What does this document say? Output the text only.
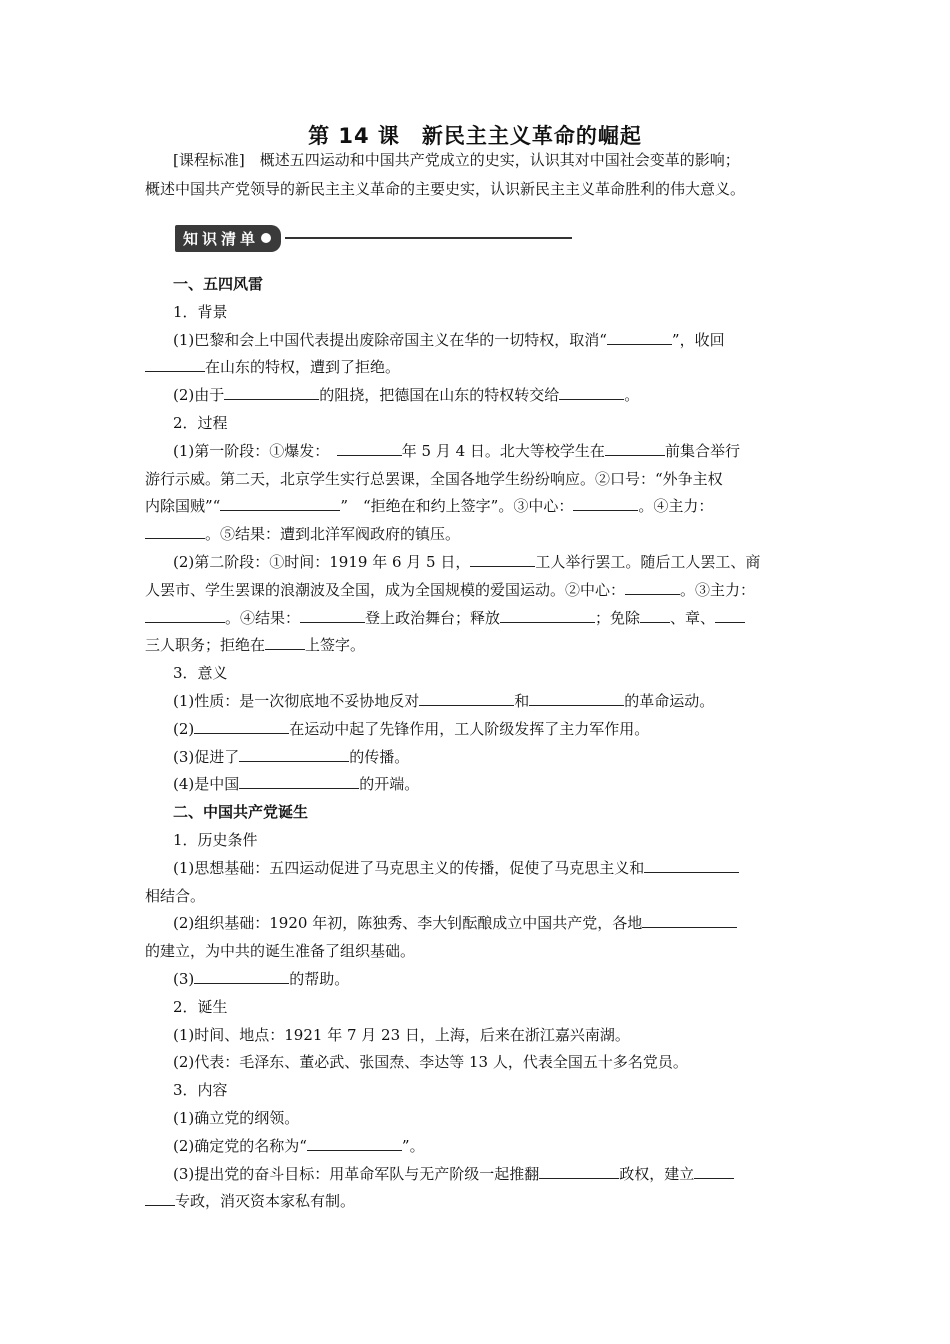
第 14 课　新民主主义革命的崛起
[课程标准]　 概述五四运动和中国共产党成立的史实，认识其对中国社会变革的影响；
概述中国共产党领导的新民主主义革命的主要史实，认识新民主主义革命胜利的伟大意义。
知识清单

一、五四风雷

1．背景

(1)巴黎和会上中国代表提出废除帝国主义在华的一切特权，取消“	”，收回

在山东的特权，遭到了拒绝。

(2)由于	的阻挠，把德国在山东的特权转交给	。

2．过程

(1)第一阶段：①爆发：　	年 5 月 4 日。北大等校学生在	前集合举行

游行示威。第二天，北京学生实行总罢课，全国各地学生纷纷响应。②口号：“外争主权

内除国贼”“	”　“拒绝在和约上签字”。③中心：	。④主力：

。⑤结果：遭到北洋军阀政府的镇压。

(2)第二阶段：①时间：1919 年 6 月 5 日，	工人举行罢工。随后工人罢工、商

人罢市、学生罢课的浪潮波及全国，成为全国规模的爱国运动。②中心：	。③主力：

。④结果：	登上政治舞台；释放	；免除 、章、

三人职务；拒绝在	上签字。

3．意义

(1)性质：是一次彻底地不妥协地反对	和	的革命运动。

(2)	在运动中起了先锋作用，工人阶级发挥了主力军作用。

(3)促进了	的传播。

(4)是中国	的开端。

二、中国共产党诞生

1．历史条件

(1)思想基础：五四运动促进了马克思主义的传播，促使了马克思主义和

相结合。

(2)组织基础：1920 年初，陈独秀、李大钊酝酿成立中国共产党，各地

的建立，为中共的诞生准备了组织基础。

(3)	的帮助。

2．诞生

(1)时间、地点：1921 年 7 月 23 日，上海，后来在浙江嘉兴南湖。

(2)代表：毛泽东、董必武、张国焘、李达等 13 人，代表全国五十多名党员。

3．内容

(1)确立党的纲领。

(2)确定党的名称为“	”。

(3)提出党的奋斗目标：用革命军队与无产阶级一起推翻	政权，建立

专政，消灭资本家私有制。
